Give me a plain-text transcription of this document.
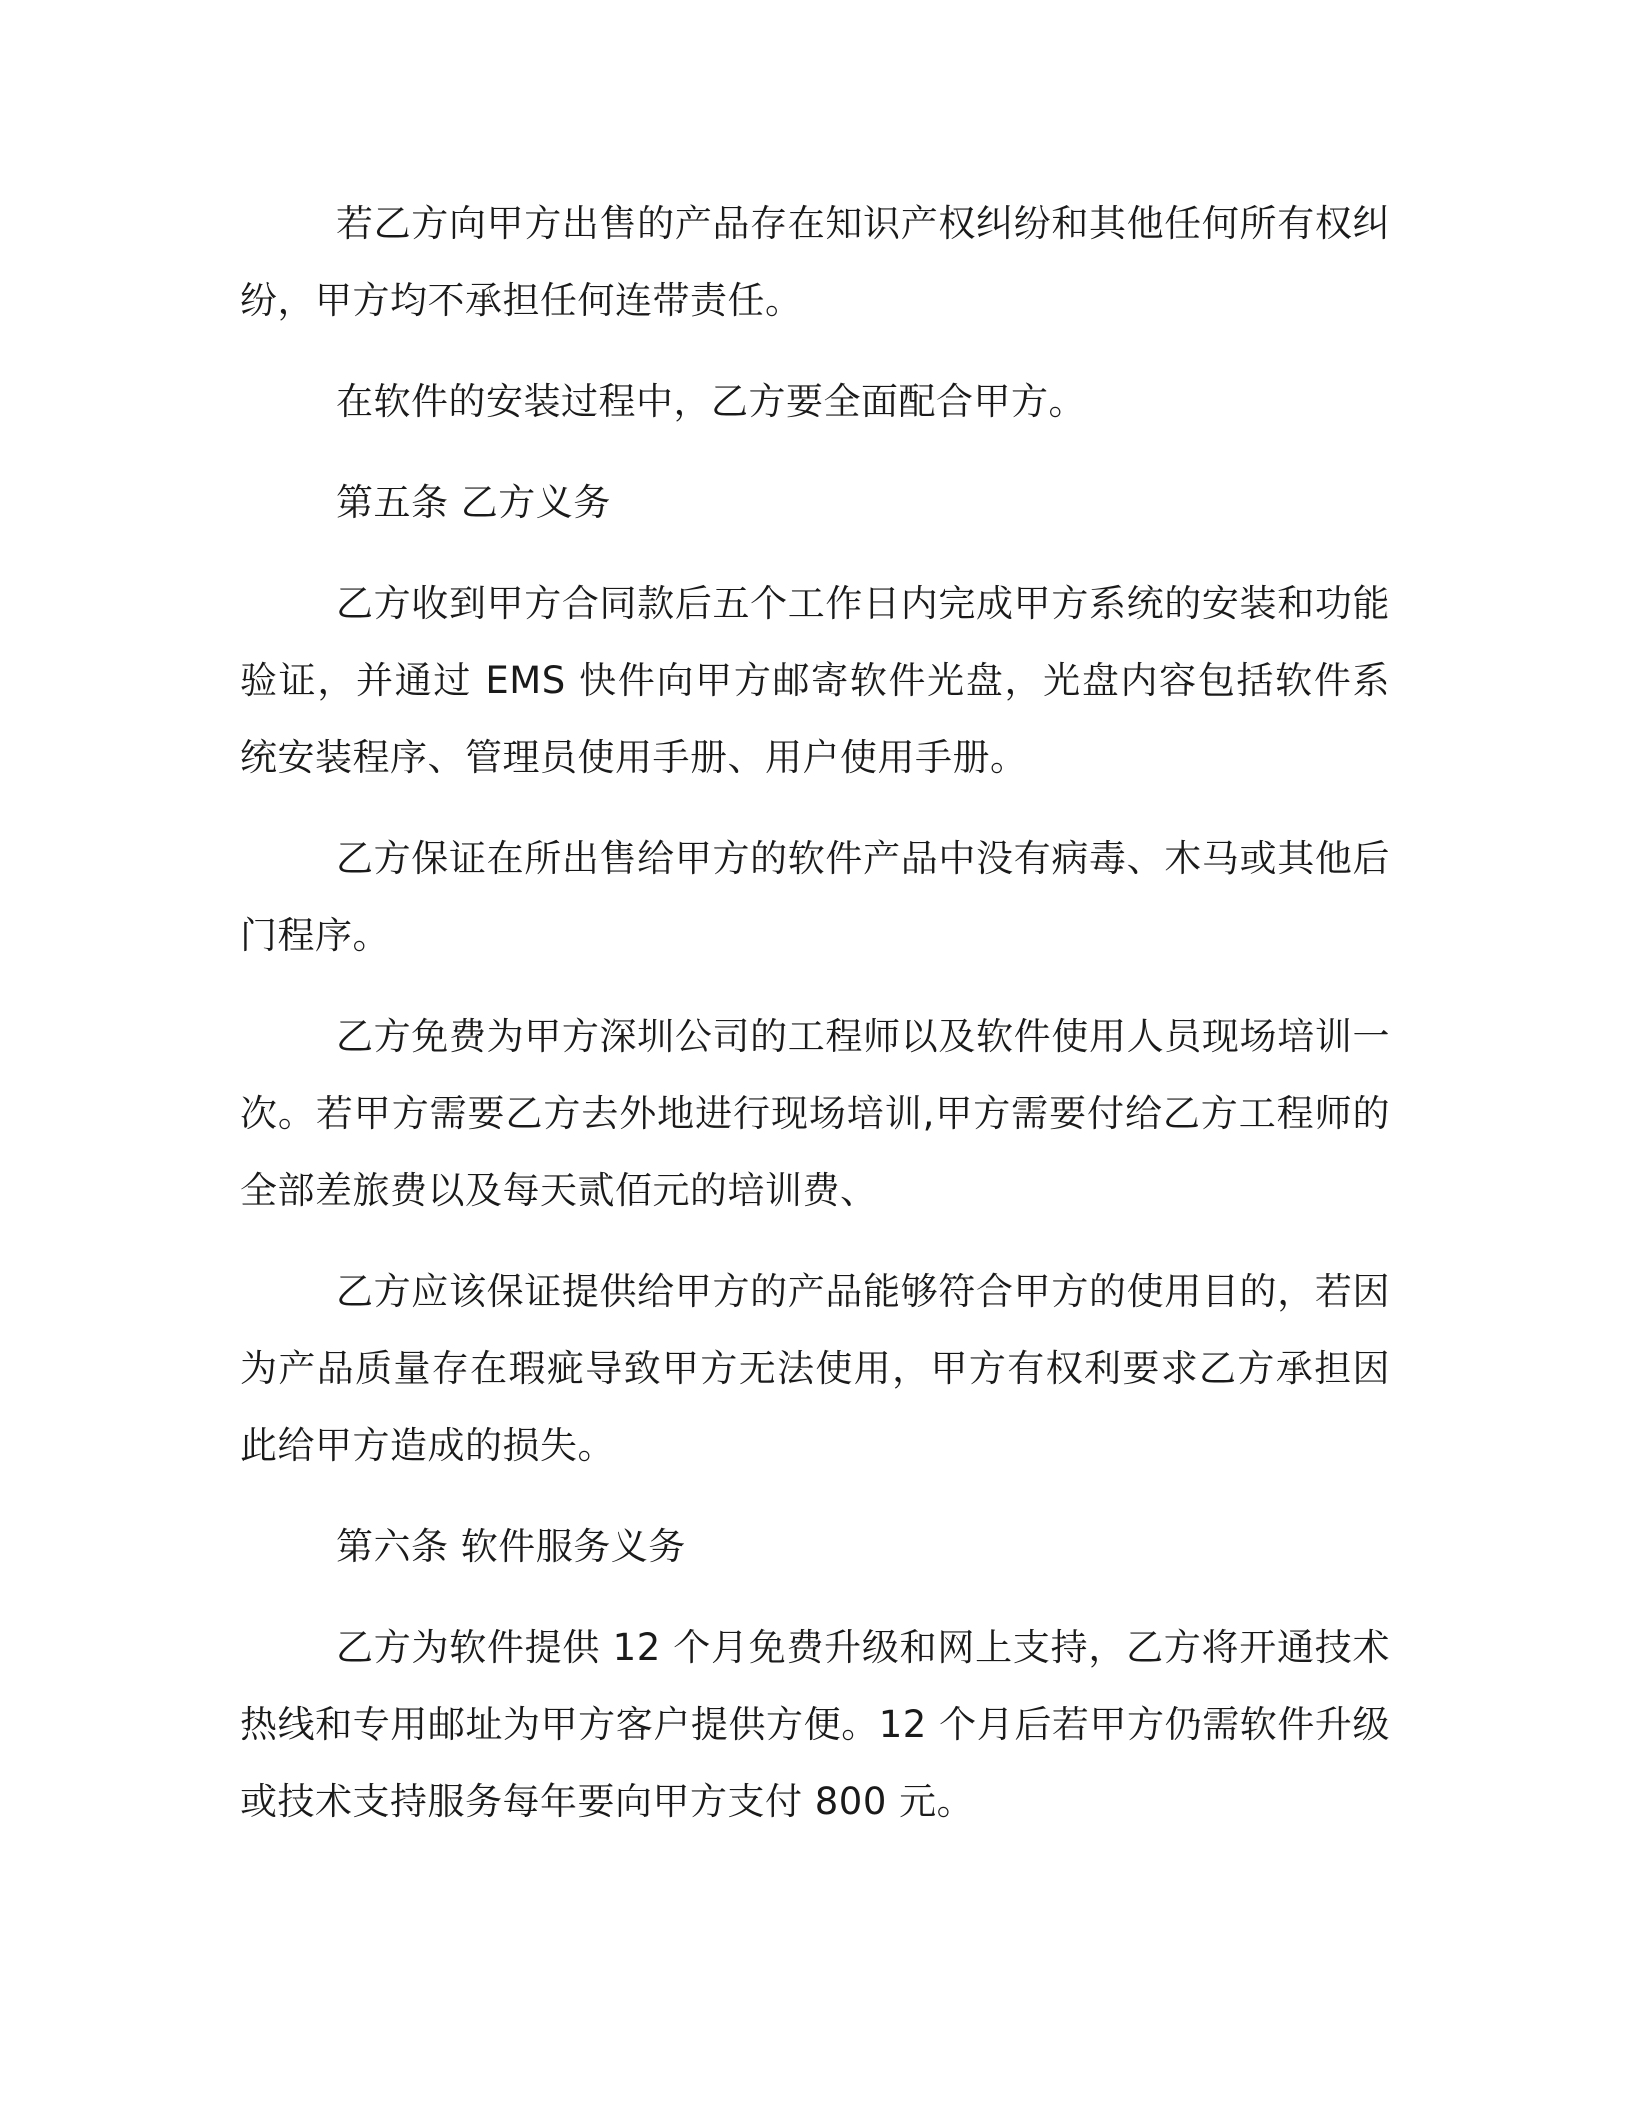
若乙方向甲方出售的产品存在知识产权纠纷和其他任何所有权纠纷，甲方均不承担任何连带责任。

在软件的安装过程中，乙方要全面配合甲方。

第五条 乙方义务

乙方收到甲方合同款后五个工作日内完成甲方系统的安装和功能验证，并通过 EMS 快件向甲方邮寄软件光盘，光盘内容包括软件系统安装程序、管理员使用手册、用户使用手册。

乙方保证在所出售给甲方的软件产品中没有病毒、木马或其他后门程序。

乙方免费为甲方深圳公司的工程师以及软件使用人员现场培训一次。若甲方需要乙方去外地进行现场培训,甲方需要付给乙方工程师的全部差旅费以及每天贰佰元的培训费、

乙方应该保证提供给甲方的产品能够符合甲方的使用目的，若因为产品质量存在瑕疵导致甲方无法使用，甲方有权利要求乙方承担因此给甲方造成的损失。

第六条 软件服务义务

乙方为软件提供 12 个月免费升级和网上支持，乙方将开通技术热线和专用邮址为甲方客户提供方便。12 个月后若甲方仍需软件升级或技术支持服务每年要向甲方支付 800 元。
